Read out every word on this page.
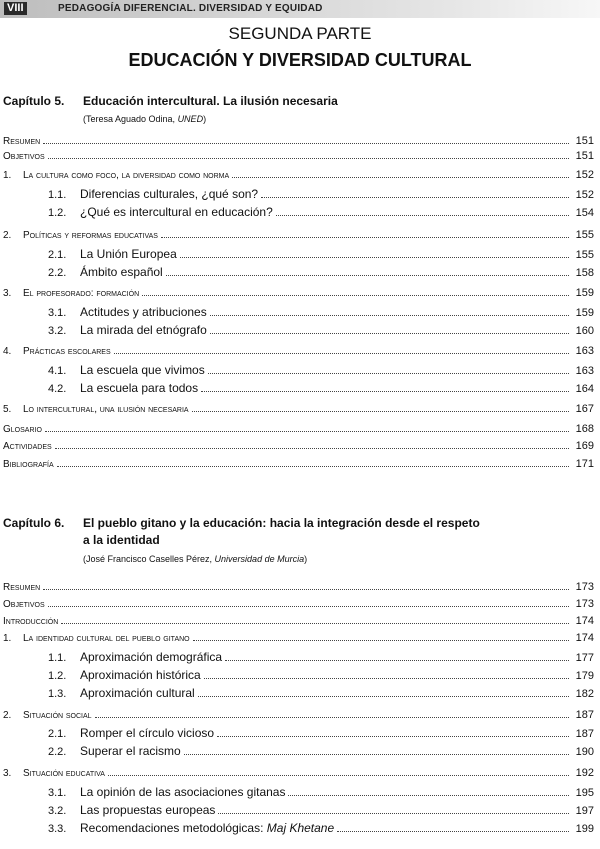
VIII	PEDAGOGÍA DIFERENCIAL. DIVERSIDAD Y EQUIDAD
SEGUNDA PARTE
EDUCACIÓN Y DIVERSIDAD CULTURAL
Capítulo 5. Educación intercultural. La ilusión necesaria
(Teresa Aguado Odina, UNED)
Resumen	151
Objetivos	151
1.	La cultura como foco, la diversidad como norma	152
1.1.	Diferencias culturales, ¿qué son?	152
1.2.	¿Qué es intercultural en educación?	154
2.	Políticas y reformas educativas	155
2.1.	La Unión Europea	155
2.2.	Ámbito español	158
3.	El profesorado: formación	159
3.1.	Actitudes y atribuciones	159
3.2.	La mirada del etnógrafo	160
4.	Prácticas escolares	163
4.1.	La escuela que vivimos	163
4.2.	La escuela para todos	164
5.	Lo intercultural, una ilusión necesaria	167
Glosario	168
Actividades	169
Bibliografía	171
Capítulo 6. El pueblo gitano y la educación: hacia la integración desde el respeto
a la identidad
(José Francisco Caselles Pérez, Universidad de Murcia)
Resumen	173
Objetivos	173
Introducción	174
1.	La identidad cultural del pueblo gitano	174
1.1.	Aproximación demográfica	177
1.2.	Aproximación histórica	179
1.3.	Aproximación cultural	182
2.	Situación social	187
2.1.	Romper el círculo vicioso	187
2.2.	Superar el racismo	190
3.	Situación educativa	192
3.1.	La opinión de las asociaciones gitanas	195
3.2.	Las propuestas europeas	197
3.3.	Recomendaciones metodológicas: Maj Khetane	199
